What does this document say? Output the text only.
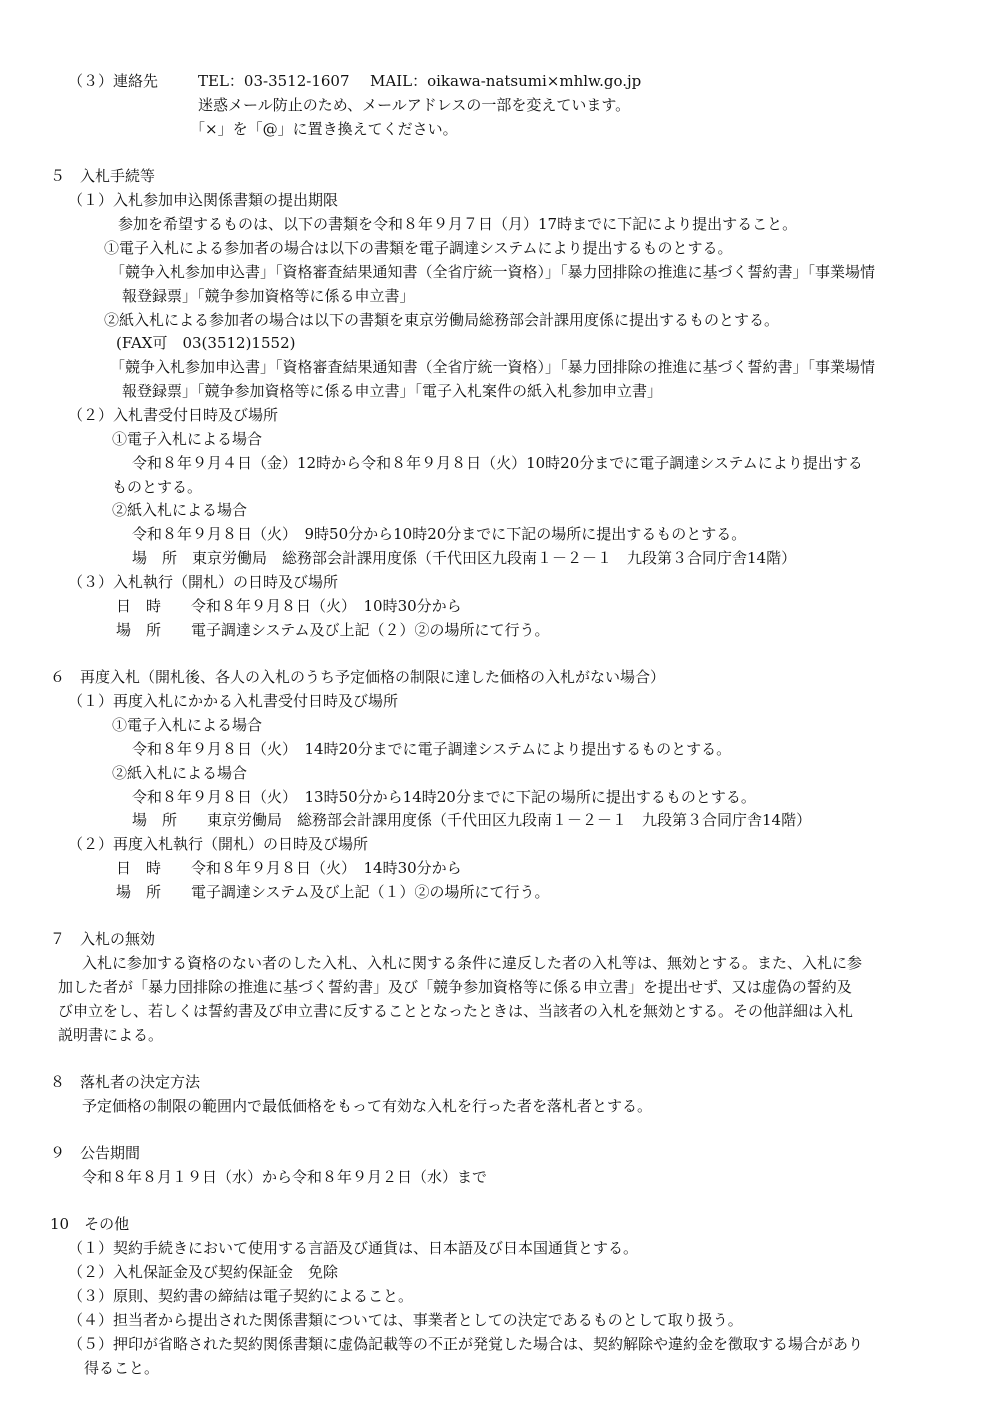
（３）連絡先	TEL：03-3512-1607 MAIL：oikawa-natsumi×mhlw.go.jp
迷惑メール防止のため、メールアドレスの一部を変えています。
「×」を「@」に置き換えてください。
５　入札手続等
（１）入札参加申込関係書類の提出期限
参加を希望するものは、以下の書類を令和８年９月７日（月）17時までに下記により提出すること。
①電子入札による参加者の場合は以下の書類を電子調達システムにより提出するものとする。
「競争入札参加申込書」「資格審査結果通知書（全省庁統一資格）」「暴力団排除の推進に基づく誓約書」「事業場情
報登録票」「競争参加資格等に係る申立書」
②紙入札による参加者の場合は以下の書類を東京労働局総務部会計課用度係に提出するものとする。
(FAX可　03(3512)1552)
「競争入札参加申込書」「資格審査結果通知書（全省庁統一資格）」「暴力団排除の推進に基づく誓約書」「事業場情
報登録票」「競争参加資格等に係る申立書」「電子入札案件の紙入札参加申立書」
（２）入札書受付日時及び場所
①電子入札による場合
令和８年９月４日（金）12時から令和８年９月８日（火）10時20分までに電子調達システムにより提出する
ものとする。
②紙入札による場合
令和８年９月８日（火）　9時50分から10時20分までに下記の場所に提出するものとする。
場　所　東京労働局　総務部会計課用度係（千代田区九段南１－２－１　九段第３合同庁舎14階）
（３）入札執行（開札）の日時及び場所
日　時　　令和８年９月８日（火）　10時30分から
場　所　　電子調達システム及び上記（２）②の場所にて行う。
６　再度入札（開札後、各人の入札のうち予定価格の制限に達した価格の入札がない場合）
（１）再度入札にかかる入札書受付日時及び場所
①電子入札による場合
令和８年９月８日（火）　14時20分までに電子調達システムにより提出するものとする。
②紙入札による場合
令和８年９月８日（火）　13時50分から14時20分までに下記の場所に提出するものとする。
場　所　　東京労働局　総務部会計課用度係（千代田区九段南１－２－１　九段第３合同庁舎14階）
（２）再度入札執行（開札）の日時及び場所
日　時　　令和８年９月８日（火）　14時30分から
場　所　　電子調達システム及び上記（１）②の場所にて行う。
７　入札の無効
入札に参加する資格のない者のした入札、入札に関する条件に違反した者の入札等は、無効とする。また、入札に参
加した者が「暴力団排除の推進に基づく誓約書」及び「競争参加資格等に係る申立書」を提出せず、又は虚偽の誓約及
び申立をし、若しくは誓約書及び申立書に反することとなったときは、当該者の入札を無効とする。その他詳細は入札
説明書による。
８　落札者の決定方法
予定価格の制限の範囲内で最低価格をもって有効な入札を行った者を落札者とする。
９　公告期間
令和８年８月１９日（水）から令和８年９月２日（水）まで
10　その他
（１）契約手続きにおいて使用する言語及び通貨は、日本語及び日本国通貨とする。
（２）入札保証金及び契約保証金　免除
（３）原則、契約書の締結は電子契約によること。
（４）担当者から提出された関係書類については、事業者としての決定であるものとして取り扱う。
（５）押印が省略された契約関係書類に虚偽記載等の不正が発覚した場合は、契約解除や違約金を徴取する場合があり
得ること。
